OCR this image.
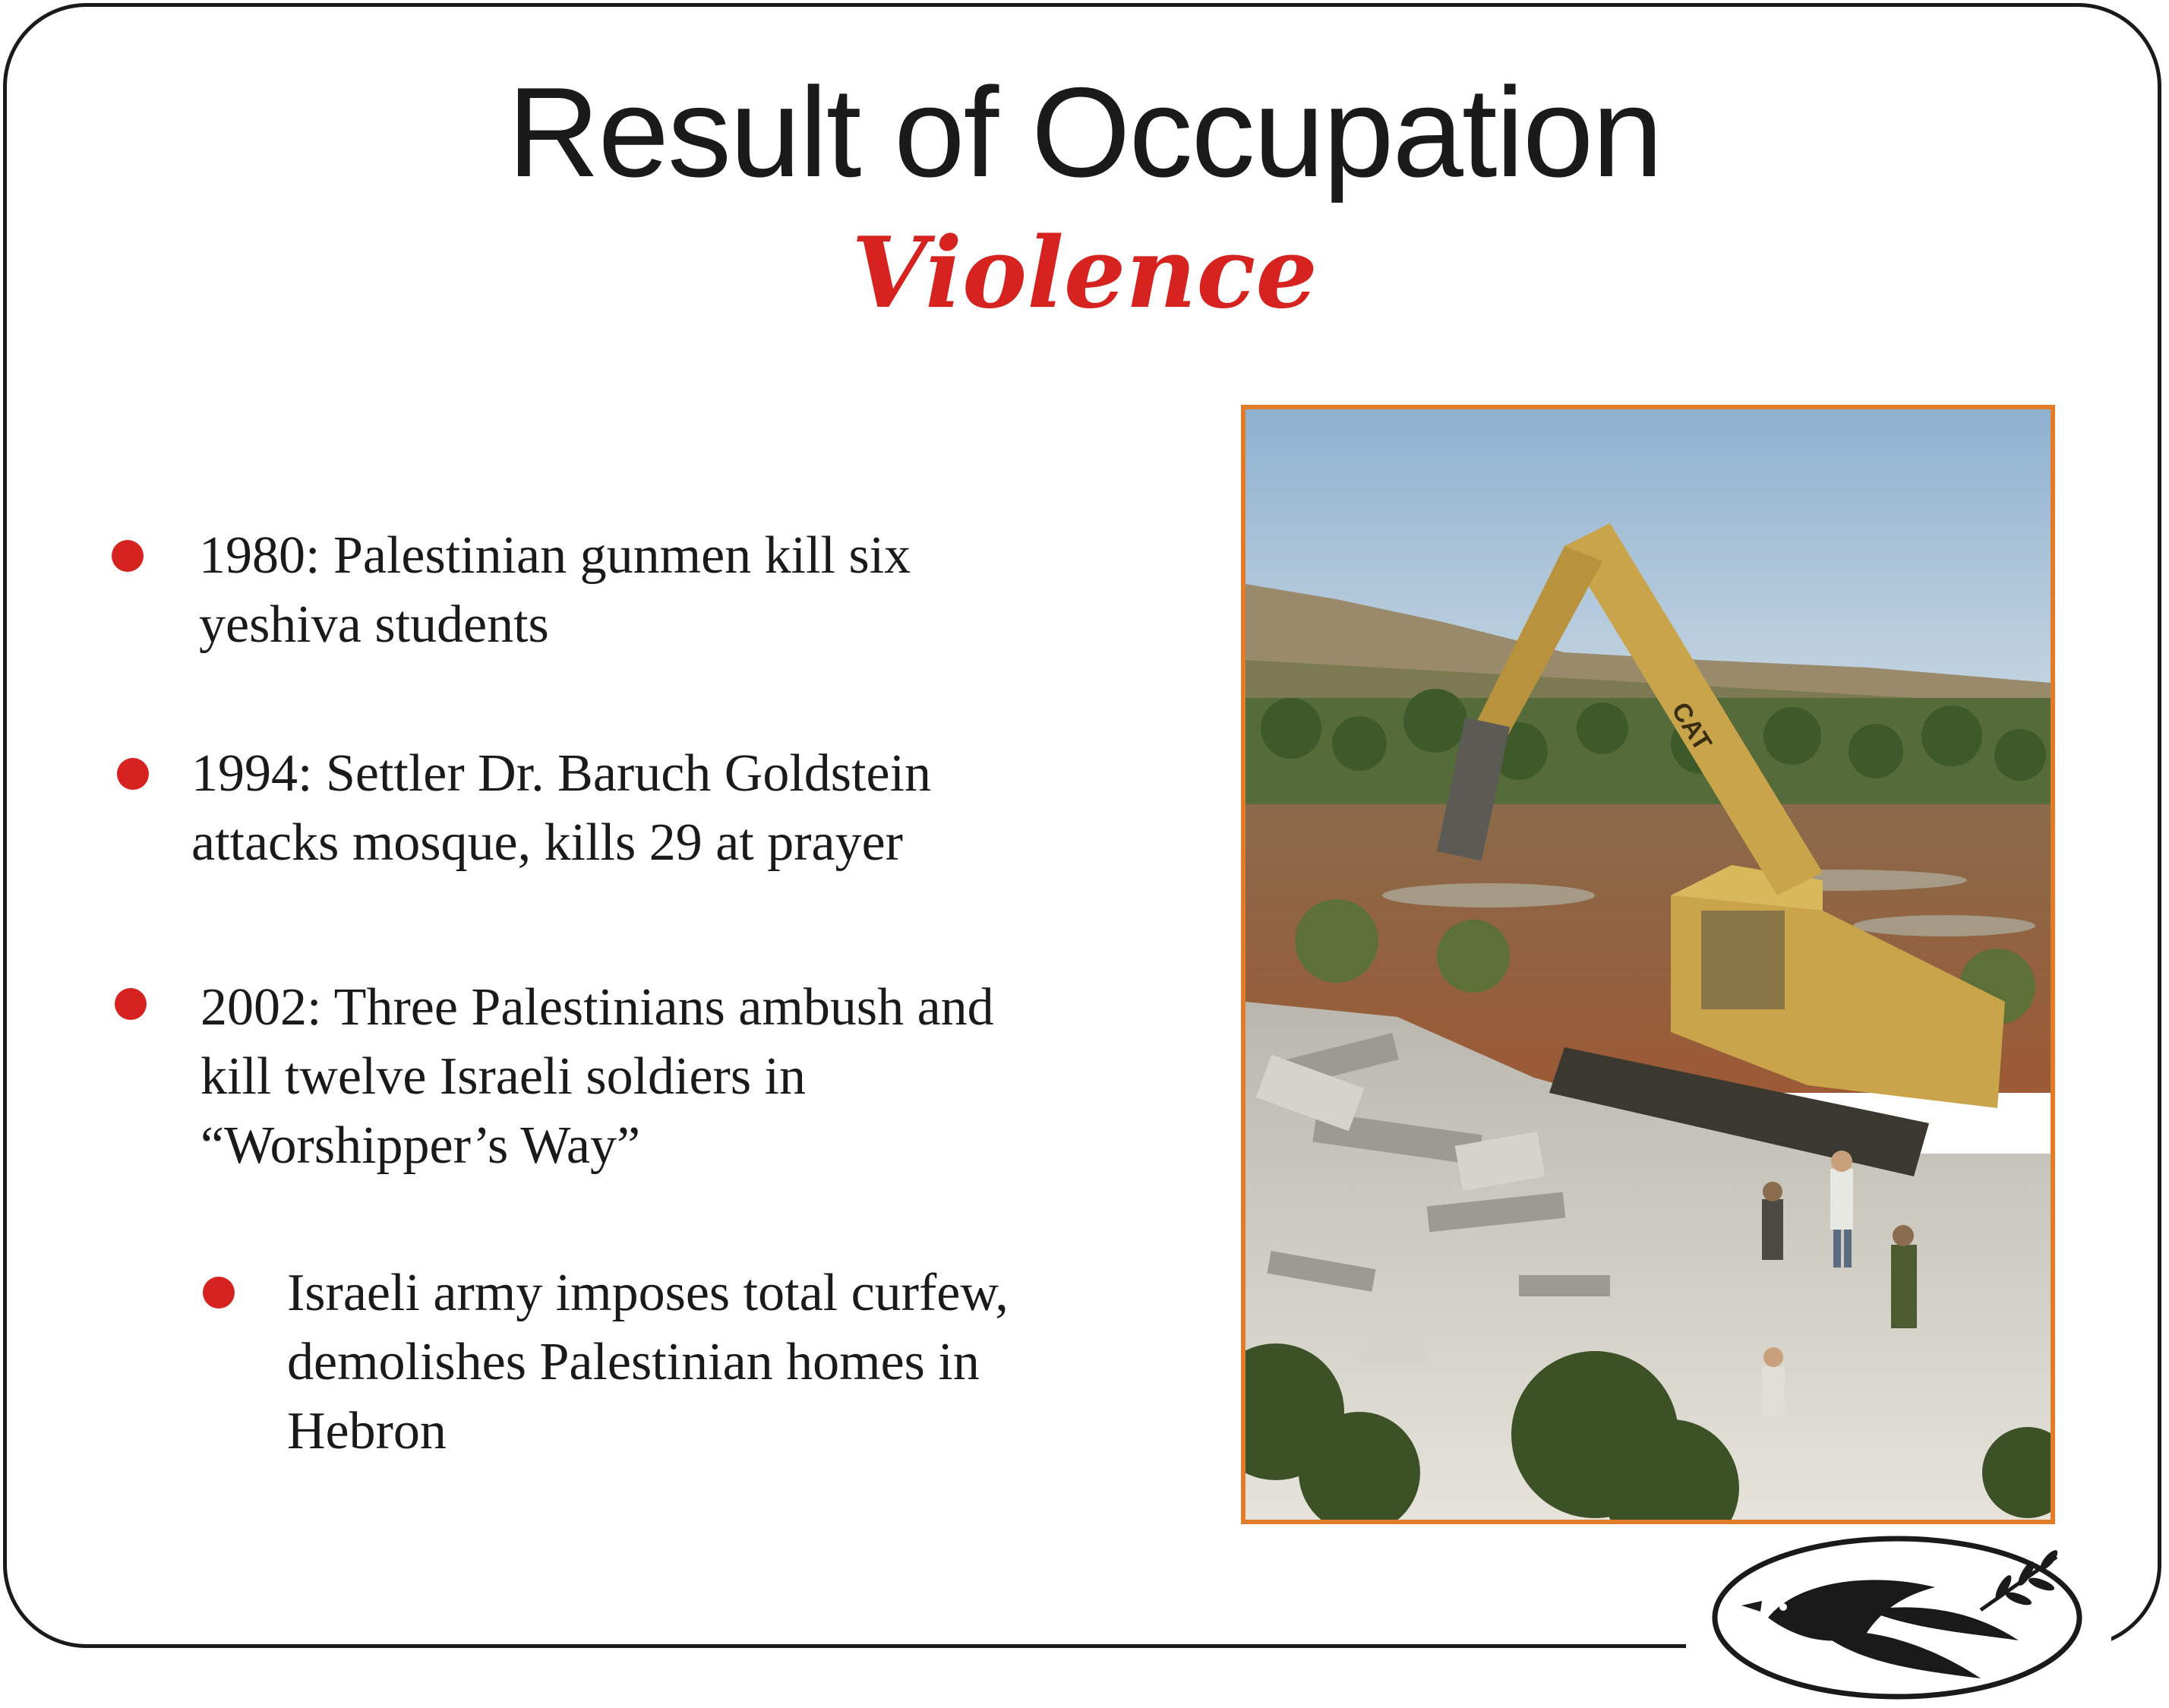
Result of Occupation
Violence
1980: Palestinian gunmen kill six
yeshiva students
1994: Settler Dr. Baruch Goldstein
attacks mosque, kills 29 at prayer
2002: Three Palestinians ambush and
kill twelve Israeli soldiers in
“Worshipper’s Way”
Israeli army imposes total curfew,
demolishes Palestinian homes in
Hebron
CAT
